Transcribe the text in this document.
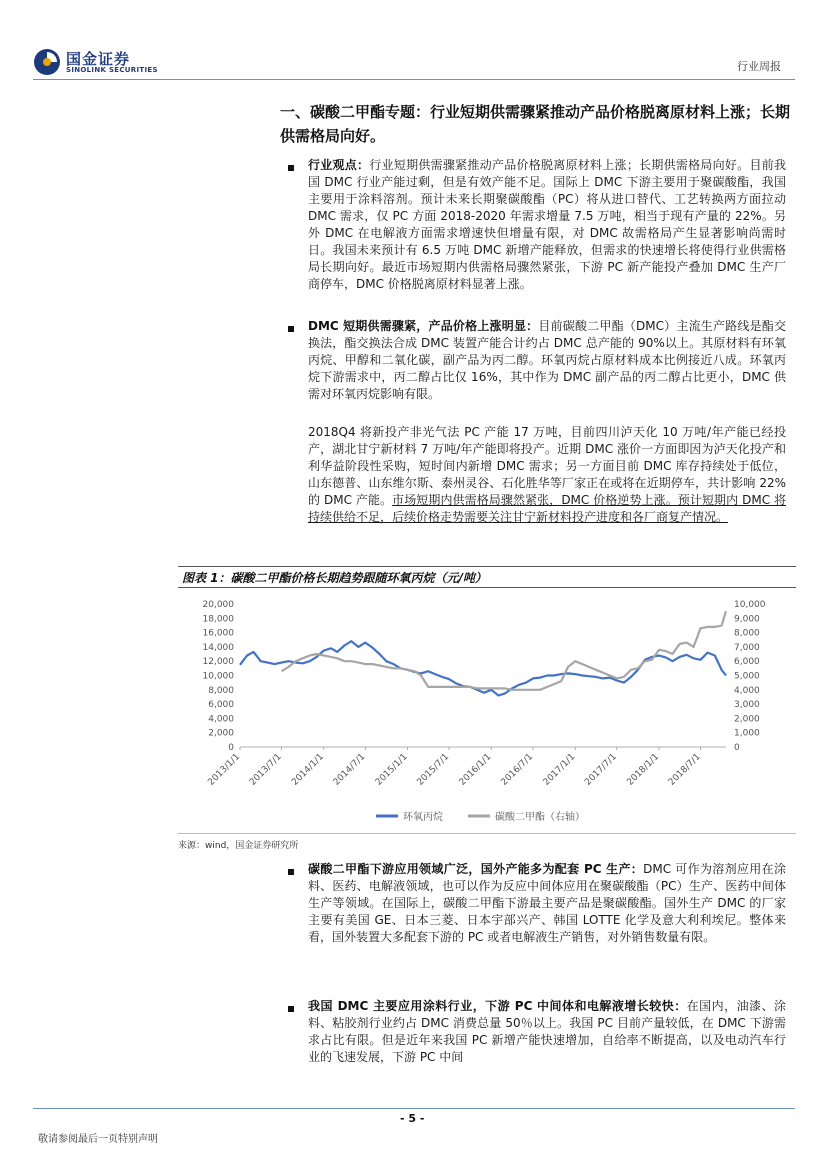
国金证券
SINOLINK SECURITIES	行业周报
一、碳酸二甲酯专题：行业短期供需骤紧推动产品价格脱离原材料上涨；长期供需格局向好。
行业观点：行业短期供需骤紧推动产品价格脱离原材料上涨；长期供需格局向好。目前我国 DMC 行业产能过剩，但是有效产能不足。国际上 DMC 下游主要用于聚碳酸酯，我国主要用于涂料溶剂。预计未来长期聚碳酸酯（PC）将从进口替代、工艺转换两方面拉动 DMC 需求，仅 PC 方面 2018-2020 年需求增量 7.5 万吨，相当于现有产量的 22%。另外 DMC 在电解液方面需求增速快但增量有限，对 DMC 故需格局产生显著影响尚需时日。我国未来预计有 6.5 万吨 DMC 新增产能释放，但需求的快速增长将使得行业供需格局长期向好。最近市场短期内供需格局骤然紧张，下游 PC 新产能投产叠加 DMC 生产厂商停车，DMC 价格脱离原材料显著上涨。
DMC 短期供需骤紧，产品价格上涨明显：目前碳酸二甲酯（DMC）主流生产路线是酯交换法，酯交换法合成 DMC 装置产能合计约占 DMC 总产能的 90%以上。其原材料有环氧丙烷、甲醇和二氧化碳，副产品为丙二醇。环氧丙烷占原材料成本比例接近八成。环氧丙烷下游需求中，丙二醇占比仅 16%，其中作为 DMC 副产品的丙二醇占比更小，DMC 供需对环氧丙烷影响有限。
2018Q4 将新投产非光气法 PC 产能 17 万吨，目前四川泸天化 10 万吨/年产能已经投产，湖北甘宁新材料 7 万吨/年产能即将投产。近期 DMC 涨价一方面即因为泸天化投产和利华益阶段性采购，短时间内新增 DMC 需求；另一方面目前 DMC 库存持续处于低位，山东德普、山东维尔斯、泰州灵谷、石化胜华等厂家正在或将在近期停车，共计影响 22%的 DMC 产能。市场短期内供需格局骤然紧张，DMC 价格逆势上涨。预计短期内 DMC 将持续供给不足，后续价格走势需要关注甘宁新材料投产进度和各厂商复产情况。
图表 1：碳酸二甲酯价格长期趋势跟随环氧丙烷（元/吨）
0
2,000
4,000
6,000
8,000
10,000
12,000
14,000
16,000
18,000
20,000
0
1,000
2,000
3,000
4,000
5,000
6,000
7,000
8,000
9,000
10,000
2013/1/1 2013/7/1 2014/1/1 2014/7/1 2015/1/1 2015/7/1 2016/1/1 2016/7/1 2017/1/1 2017/7/1 2018/1/1 2018/7/1
环氧丙烷	碳酸二甲酯（右轴）
来源：wind，国金证券研究所
碳酸二甲酯下游应用领域广泛，国外产能多为配套 PC 生产：DMC 可作为溶剂应用在涂料、医药、电解液领域，也可以作为反应中间体应用在聚碳酸酯（PC）生产、医药中间体生产等领域。在国际上，碳酸二甲酯下游最主要产品是聚碳酸酯。国外生产 DMC 的厂家主要有美国 GE、日本三菱、日本宇部兴产、韩国 LOTTE 化学及意大利利埃尼。整体来看，国外装置大多配套下游的 PC 或者电解液生产销售，对外销售数量有限。
我国 DMC 主要应用涂料行业，下游 PC 中间体和电解液增长较快：在国内，油漆、涂料、粘胶剂行业约占 DMC 消费总量 50％以上。我国 PC 目前产量较低，在 DMC 下游需求占比有限。但是近年来我国 PC 新增产能快速增加，自给率不断提高，以及电动汽车行业的飞速发展，下游 PC 中间
- 5 -
敬请参阅最后一页特别声明
